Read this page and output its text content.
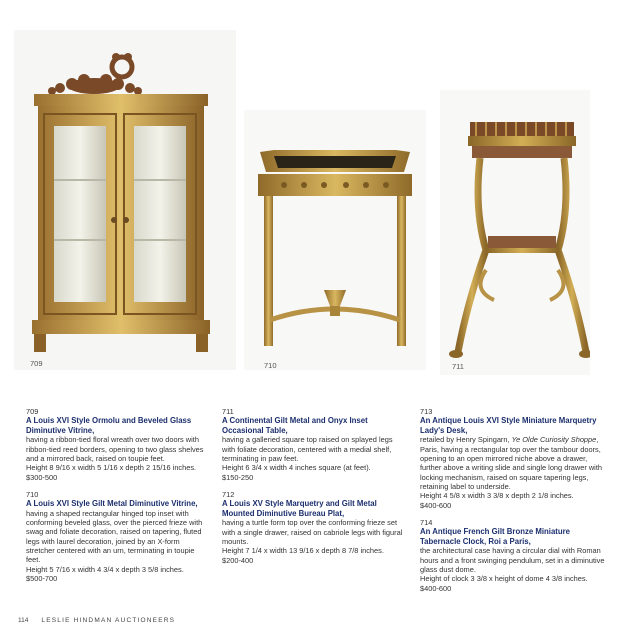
709	710	711
709
A Louis XVI Style Ormolu and Beveled Glass Diminutive Vitrine,
having a ribbon-tied floral wreath over two doors with ribbon-tied reed borders, opening to two glass shelves and a mirrored back, raised on toupie feet.
Height 8 9/16 x width 5 1/16 x depth 2 15/16 inches.
$300-500
710
A Louis XVI Style Gilt Metal Diminutive Vitrine,
having a shaped rectangular hinged top inset with conforming beveled glass, over the pierced frieze with swag and foliate decoration, raised on tapering, fluted legs with laurel decoration, joined by an X-form stretcher centered with an urn, terminating in toupie feet.
Height 5 7/16 x width 4 3/4 x depth 3 5/8 inches.
$500-700
711
A Continental Gilt Metal and Onyx Inset Occasional Table,
having a galleried square top raised on splayed legs with foliate decoration, centered with a medial shelf, terminating in paw feet.
Height 6 3/4 x width 4 inches square (at feet).
$150-250
712
A Louis XV Style Marquetry and Gilt Metal Mounted Diminutive Bureau Plat,
having a turtle form top over the conforming frieze set with a single drawer, raised on cabriole legs with figural mounts.
Height 7 1/4 x width 13 9/16 x depth 8 7/8 inches.
$200-400
713
An Antique Louis XVI Style Miniature Marquetry Lady's Desk,
retailed by Henry Spingarn, Ye Olde Curiosity Shoppe, Paris, having a rectangular top over the tambour doors, opening to an open mirrored niche above a drawer, further above a writing slide and single long drawer with locking mechanism, raised on square tapering legs, retaining label to underside.
Height 4 5/8 x width 3 3/8 x depth 2 1/8 inches.
$400-600
714
An Antique French Gilt Bronze Miniature Tabernacle Clock, Roi a Paris,
the architectural case having a circular dial with Roman hours and a front swinging pendulum, set in a diminutive glass dust dome.
Height of clock 3 3/8 x height of dome 4 3/8 inches.
$400-600
114 LESLIE HINDMAN AUCTIONEERS
